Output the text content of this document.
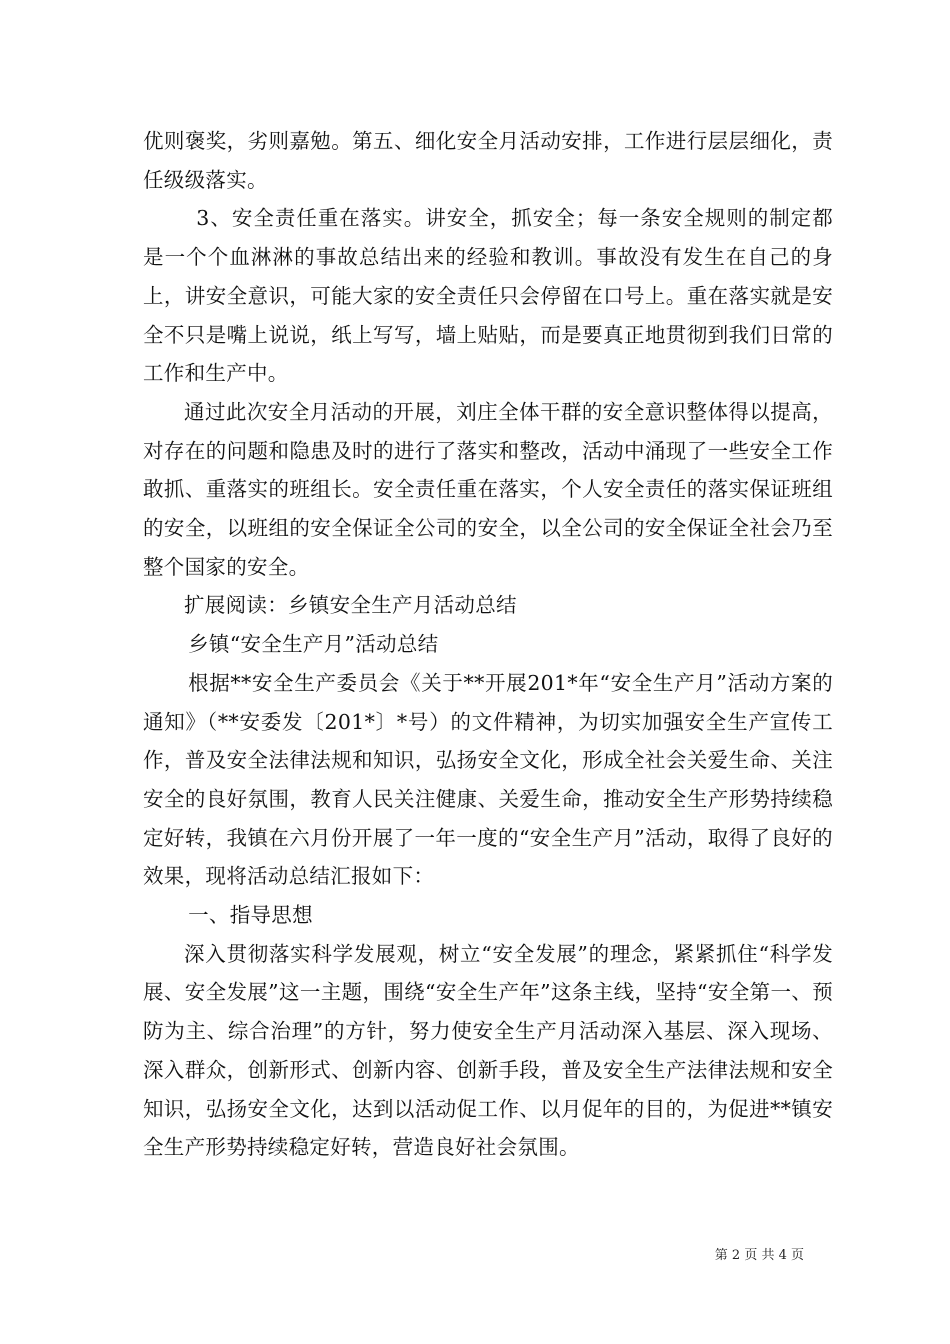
优则褒奖，劣则嘉勉。第五、细化安全月活动安排，工作进行层层细化，责任级级落实。

3、安全责任重在落实。讲安全，抓安全；每一条安全规则的制定都是一个个血淋淋的事故总结出来的经验和教训。事故没有发生在自己的身上，讲安全意识，可能大家的安全责任只会停留在口号上。重在落实就是安全不只是嘴上说说，纸上写写，墙上贴贴，而是要真正地贯彻到我们日常的工作和生产中。

通过此次安全月活动的开展，刘庄全体干群的安全意识整体得以提高，对存在的问题和隐患及时的进行了落实和整改，活动中涌现了一些安全工作敢抓、重落实的班组长。安全责任重在落实，个人安全责任的落实保证班组的安全，以班组的安全保证全公司的安全，以全公司的安全保证全社会乃至整个国家的安全。

扩展阅读：乡镇安全生产月活动总结

乡镇“安全生产月”活动总结

根据**安全生产委员会《关于**开展201*年“安全生产月”活动方案的通知》（**安委发〔201*〕*号）的文件精神，为切实加强安全生产宣传工作，普及安全法律法规和知识，弘扬安全文化，形成全社会关爱生命、关注安全的良好氛围，教育人民关注健康、关爱生命，推动安全生产形势持续稳定好转，我镇在六月份开展了一年一度的“安全生产月”活动，取得了良好的效果，现将活动总结汇报如下：

一、指导思想

深入贯彻落实科学发展观，树立“安全发展”的理念，紧紧抓住“科学发展、安全发展”这一主题，围绕“安全生产年”这条主线，坚持“安全第一、预防为主、综合治理”的方针，努力使安全生产月活动深入基层、深入现场、深入群众，创新形式、创新内容、创新手段，普及安全生产法律法规和安全知识，弘扬安全文化，达到以活动促工作、以月促年的目的，为促进**镇安全生产形势持续稳定好转，营造良好社会氛围。

第 2 页 共 4 页
